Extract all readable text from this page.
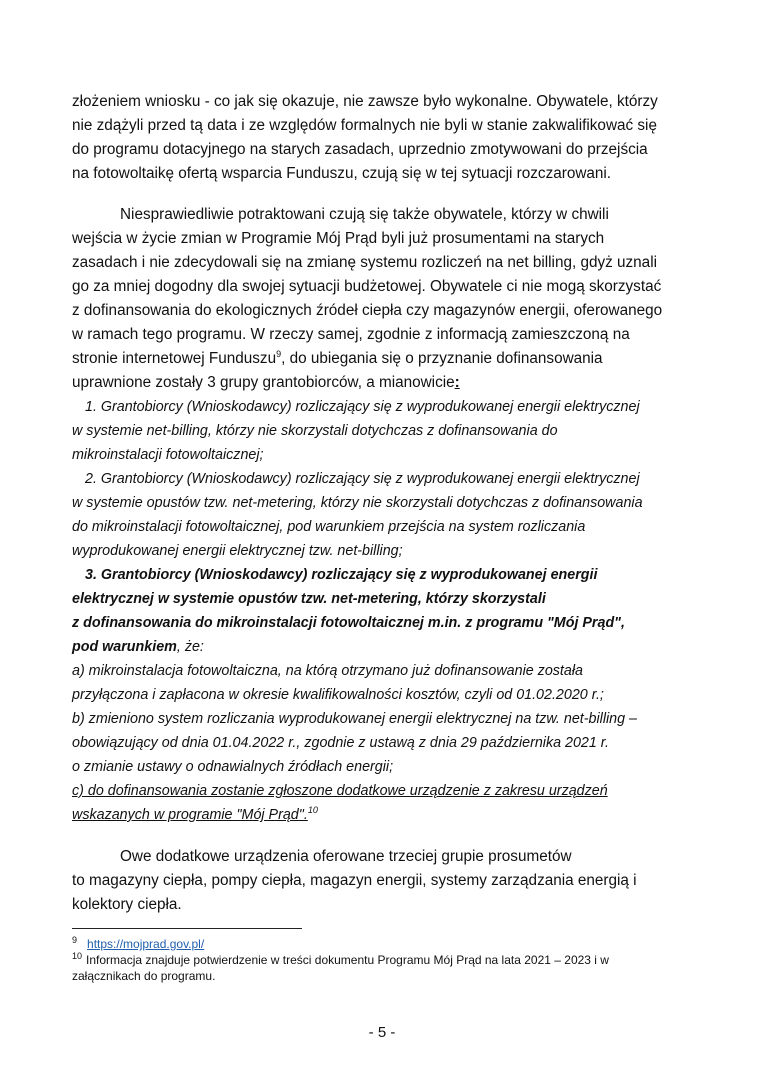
złożeniem wniosku - co jak się okazuje, nie zawsze było wykonalne. Obywatele, którzy
nie zdążyli przed tą data i ze względów formalnych nie byli w stanie zakwalifikować się
do programu dotacyjnego na starych zasadach, uprzednio zmotywowani do przejścia
na fotowoltaikę ofertą wsparcia Funduszu, czują się w tej sytuacji rozczarowani.

Niesprawiedliwie potraktowani czują się także obywatele, którzy w chwili
wejścia w życie zmian w Programie Mój Prąd byli już prosumentami na starych
zasadach i nie zdecydowali się na zmianę systemu rozliczeń na net billing, gdyż uznali
go za mniej dogodny dla swojej sytuacji budżetowej. Obywatele ci nie mogą skorzystać
z dofinansowania do ekologicznych źródeł ciepła czy magazynów energii, oferowanego
w ramach tego programu. W rzeczy samej, zgodnie z informacją zamieszczoną na
stronie internetowej Funduszu$^9$, do ubiegania się o przyznanie dofinansowania
uprawnione zostały 3 grupy grantobiorców, a mianowicie:

1. Grantobiorcy (Wnioskodawcy) rozliczający się z wyprodukowanej energii elektrycznej
w systemie net-billing, którzy nie skorzystali dotychczas z dofinansowania do
mikroinstalacji fotowoltaicznej;
2. Grantobiorcy (Wnioskodawcy) rozliczający się z wyprodukowanej energii elektrycznej
w systemie opustów tzw. net-metering, którzy nie skorzystali dotychczas z dofinansowania
do mikroinstalacji fotowoltaicznej, pod warunkiem przejścia na system rozliczania
wyprodukowanej energii elektrycznej tzw. net-billing;
3. Grantobiorcy (Wnioskodawcy) rozliczający się z wyprodukowanej energii
elektrycznej w systemie opustów tzw. net-metering, którzy skorzystali
z dofinansowania do mikroinstalacji fotowoltaicznej m.in. z programu "Mój Prąd",
pod warunkiem, że:
a) mikroinstalacja fotowoltaiczna, na którą otrzymano już dofinansowanie została
przyłączona i zapłacona w okresie kwalifikowalności kosztów, czyli od 01.02.2020 r.;
b) zmieniono system rozliczania wyprodukowanej energii elektrycznej na tzw. net-billing –
obowiązujący od dnia 01.04.2022 r., zgodnie z ustawą z dnia 29 października 2021 r.
o zmianie ustawy o odnawialnych źródłach energii;
c) do dofinansowania zostanie zgłoszone dodatkowe urządzenie z zakresu urządzeń
wskazanych w programie "Mój Prąd".$^{10}$

Owe dodatkowe urządzenia oferowane trzeciej grupie prosumetów
to magazyny ciepła, pompy ciepła, magazyn energii, systemy zarządzania energią i
kolektory ciepła.

$^9$ https://mojprad.gov.pl/
$^{10}$ Informacja znajduje potwierdzenie w treści dokumentu Programu Mój Prąd na lata 2021 – 2023 i w
załącznikach do programu.
- 5 -
